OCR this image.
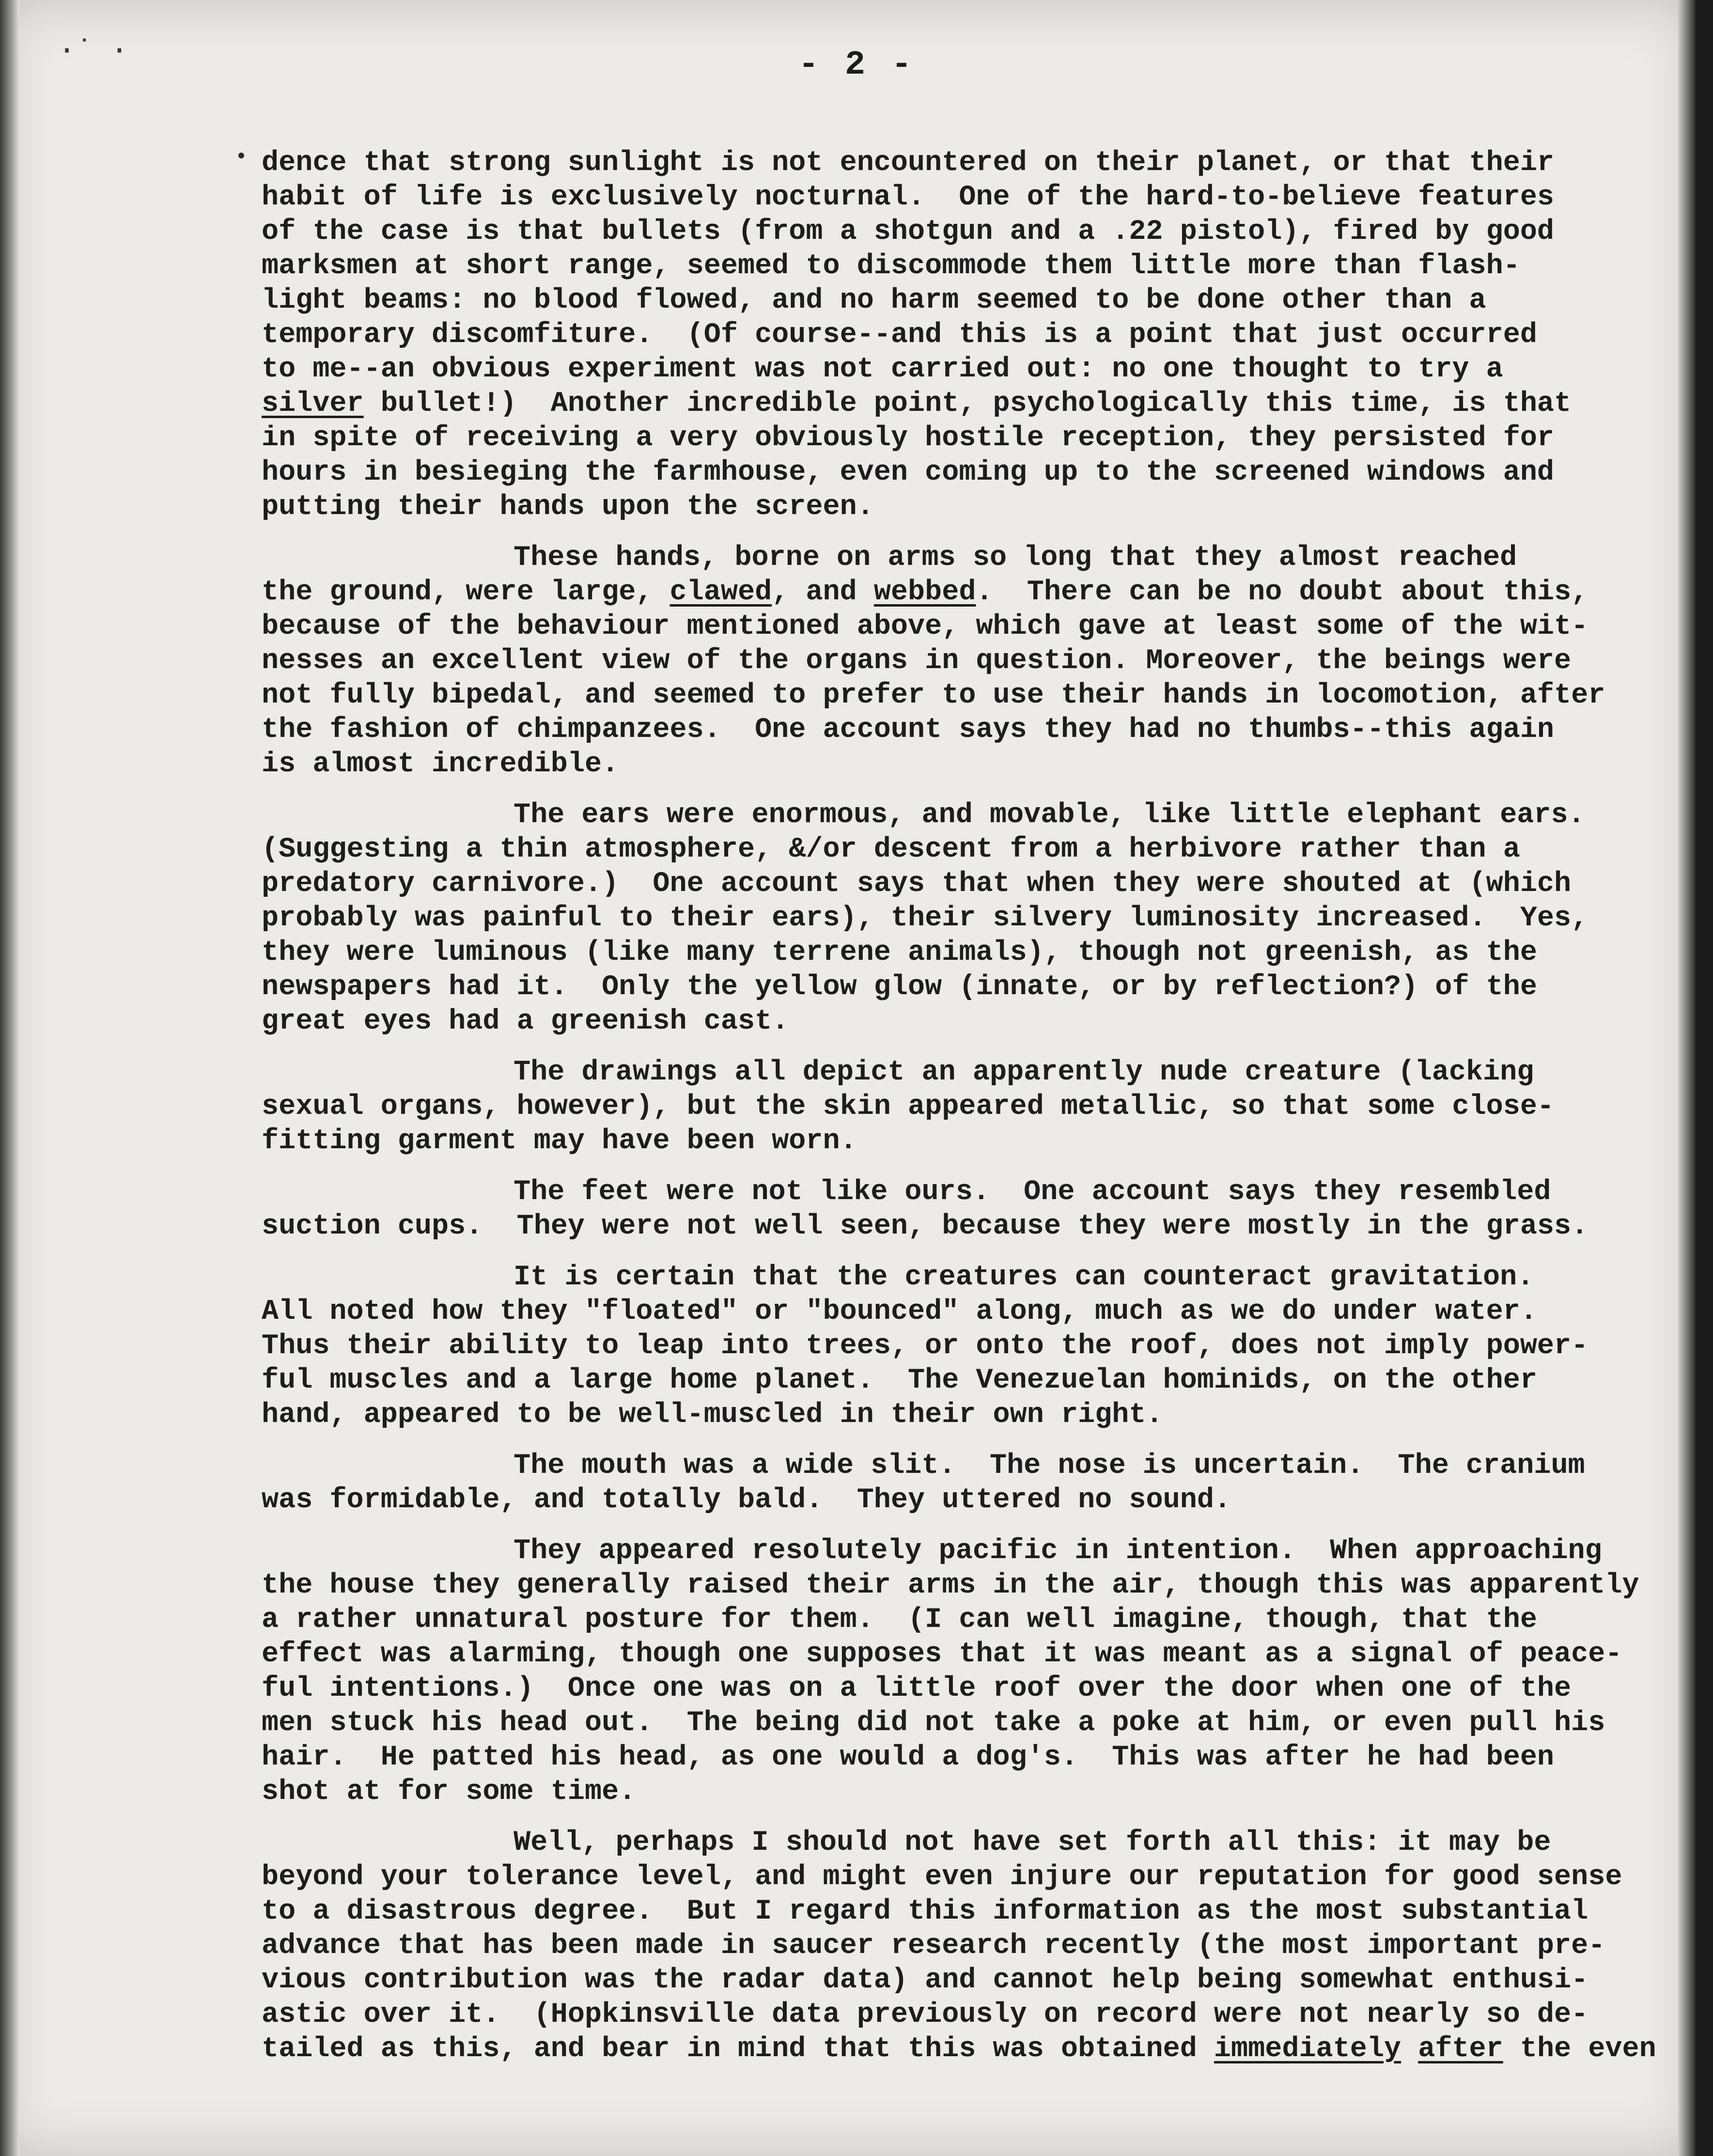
·˙ ·	- 2 -
dence that strong sunlight is not encountered on their planet, or that their
habit of life is exclusively nocturnal.  One of the hard-to-believe features
of the case is that bullets (from a shotgun and a .22 pistol), fired by good
marksmen at short range, seemed to discommode them little more than flash-
light beams: no blood flowed, and no harm seemed to be done other than a
temporary discomfiture.  (Of course--and this is a point that just occurred
to me--an obvious experiment was not carried out: no one thought to try a
silver bullet!)  Another incredible point, psychologically this time, is that
in spite of receiving a very obviously hostile reception, they persisted for
hours in besieging the farmhouse, even coming up to the screened windows and
putting their hands upon the screen.
These hands, borne on arms so long that they almost reached
the ground, were large, clawed, and webbed.  There can be no doubt about this,
because of the behaviour mentioned above, which gave at least some of the wit-
nesses an excellent view of the organs in question. Moreover, the beings were
not fully bipedal, and seemed to prefer to use their hands in locomotion, after
the fashion of chimpanzees.  One account says they had no thumbs--this again
is almost incredible.
The ears were enormous, and movable, like little elephant ears.
(Suggesting a thin atmosphere, &/or descent from a herbivore rather than a
predatory carnivore.)  One account says that when they were shouted at (which
probably was painful to their ears), their silvery luminosity increased.  Yes,
they were luminous (like many terrene animals), though not greenish, as the
newspapers had it.  Only the yellow glow (innate, or by reflection?) of the
great eyes had a greenish cast.
The drawings all depict an apparently nude creature (lacking
sexual organs, however), but the skin appeared metallic, so that some close-
fitting garment may have been worn.
The feet were not like ours.  One account says they resembled
suction cups.  They were not well seen, because they were mostly in the grass.
It is certain that the creatures can counteract gravitation.
All noted how they "floated" or "bounced" along, much as we do under water.
Thus their ability to leap into trees, or onto the roof, does not imply power-
ful muscles and a large home planet.  The Venezuelan hominids, on the other
hand, appeared to be well-muscled in their own right.
The mouth was a wide slit.  The nose is uncertain.  The cranium
was formidable, and totally bald.  They uttered no sound.
They appeared resolutely pacific in intention.  When approaching
the house they generally raised their arms in the air, though this was apparently
a rather unnatural posture for them.  (I can well imagine, though, that the
effect was alarming, though one supposes that it was meant as a signal of peace-
ful intentions.)  Once one was on a little roof over the door when one of the
men stuck his head out.  The being did not take a poke at him, or even pull his
hair.  He patted his head, as one would a dog's.  This was after he had been
shot at for some time.
Well, perhaps I should not have set forth all this: it may be
beyond your tolerance level, and might even injure our reputation for good sense
to a disastrous degree.  But I regard this information as the most substantial
advance that has been made in saucer research recently (the most important pre-
vious contribution was the radar data) and cannot help being somewhat enthusi-
astic over it.  (Hopkinsville data previously on record were not nearly so de-
tailed as this, and bear in mind that this was obtained immediately after the even
